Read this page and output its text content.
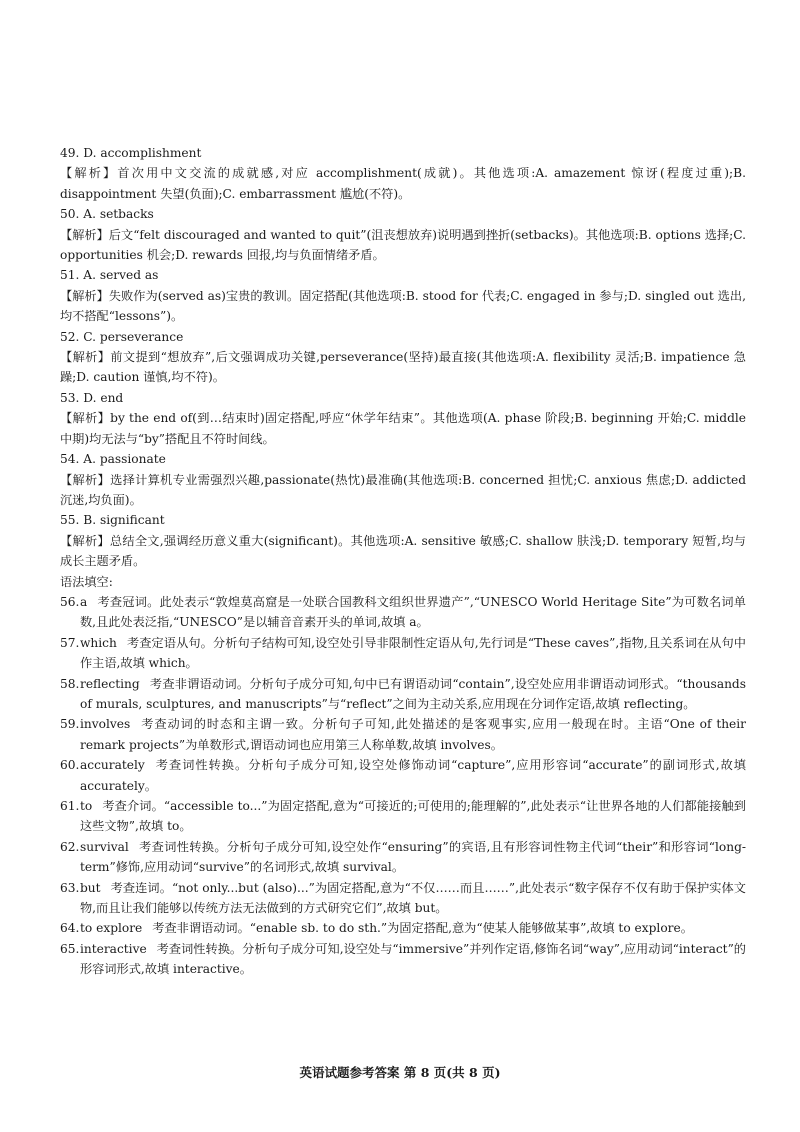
49. D. accomplishment

【解析】首次用中文交流的成就感,对应 accomplishment(成就)。其他选项:A. amazement 惊讶(程度过重);B. disappointment 失望(负面);C. embarrassment 尴尬(不符)。

50. A. setbacks

【解析】后文“felt discouraged and wanted to quit”(沮丧想放弃)说明遇到挫折(setbacks)。其他选项:B. options 选择;C. opportunities 机会;D. rewards 回报,均与负面情绪矛盾。

51. A. served as

【解析】失败作为(served as)宝贵的教训。固定搭配(其他选项:B. stood for 代表;C. engaged in 参与;D. singled out 选出,均不搭配“lessons”)。

52. C. perseverance

【解析】前文提到“想放弃”,后文强调成功关键,perseverance(坚持)最直接(其他选项:A. flexibility 灵活;B. impatience 急躁;D. caution 谨慎,均不符)。

53. D. end

【解析】by the end of(到…结束时)固定搭配,呼应“休学年结束”。其他选项(A. phase 阶段;B. beginning 开始;C. middle 中期)均无法与“by”搭配且不符时间线。

54. A. passionate

【解析】选择计算机专业需强烈兴趣,passionate(热忱)最准确(其他选项:B. concerned 担忧;C. anxious 焦虑;D. addicted 沉迷,均负面)。

55. B. significant

【解析】总结全文,强调经历意义重大(significant)。其他选项:A. sensitive 敏感;C. shallow 肤浅;D. temporary 短暂,均与成长主题矛盾。

语法填空:

56. a 考查冠词。此处表示“敦煌莫高窟是一处联合国教科文组织世界遗产”,“UNESCO World Heritage Site”为可数名词单数,且此处表泛指,“UNESCO”是以辅音音素开头的单词,故填 a。
57. which 考查定语从句。分析句子结构可知,设空处引导非限制性定语从句,先行词是“These caves”,指物,且关系词在从句中作主语,故填 which。
58. reflecting 考查非谓语动词。分析句子成分可知,句中已有谓语动词“contain”,设空处应用非谓语动词形式。“thousands of murals, sculptures, and manuscripts”与“reflect”之间为主动关系,应用现在分词作定语,故填 reflecting。
59. involves 考查动词的时态和主谓一致。分析句子可知,此处描述的是客观事实,应用一般现在时。主语“One of their remark projects”为单数形式,谓语动词也应用第三人称单数,故填 involves。
60. accurately 考查词性转换。分析句子成分可知,设空处修饰动词“capture”,应用形容词“accurate”的副词形式,故填 accurately。
61. to 考查介词。“accessible to...”为固定搭配,意为“可接近的;可使用的;能理解的”,此处表示“让世界各地的人们都能接触到这些文物”,故填 to。
62. survival 考查词性转换。分析句子成分可知,设空处作“ensuring”的宾语,且有形容词性物主代词“their”和形容词“long-term”修饰,应用动词“survive”的名词形式,故填 survival。
63. but 考查连词。“not only...but (also)...”为固定搭配,意为“不仅……而且……”,此处表示“数字保存不仅有助于保护实体文物,而且让我们能够以传统方法无法做到的方式研究它们”,故填 but。
64. to explore 考查非谓语动词。“enable sb. to do sth.”为固定搭配,意为“使某人能够做某事”,故填 to explore。
65. interactive 考查词性转换。分析句子成分可知,设空处与“immersive”并列作定语,修饰名词“way”,应用动词“interact”的形容词形式,故填 interactive。
英语试题参考答案 第 8 页(共 8 页)
